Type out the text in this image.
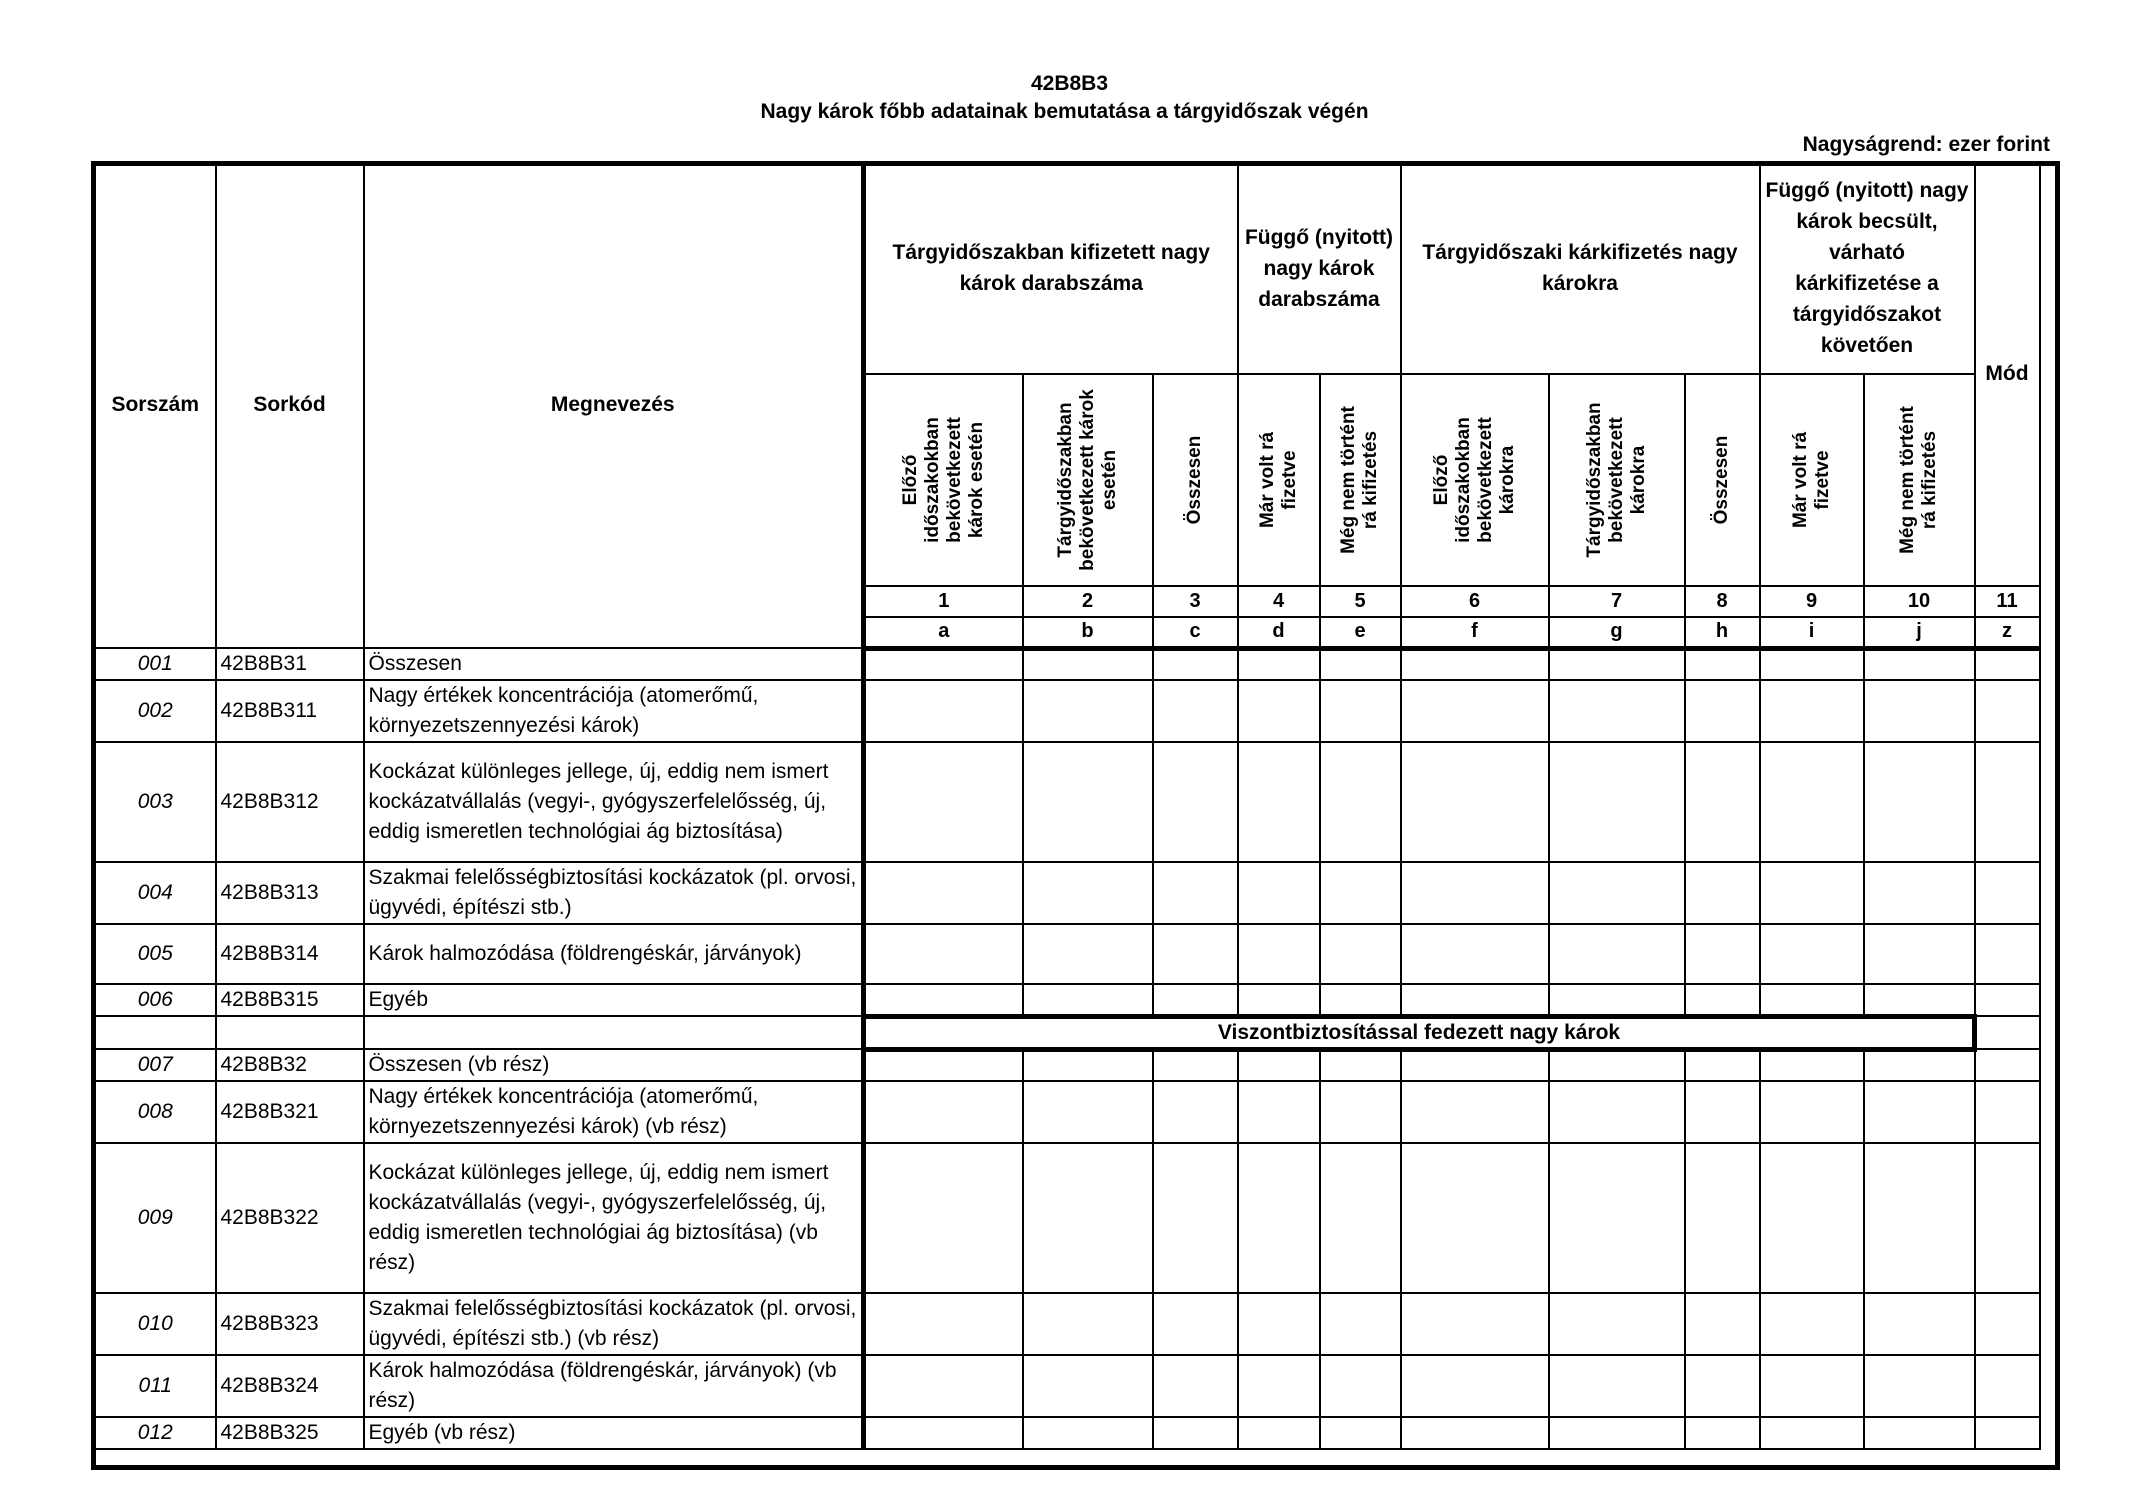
42B8B3
Nagy károk főbb adatainak bemutatása a tárgyidőszak végén
Nagyságrend: ezer forint
Sorszám	Sorkód	Megnevezés	Tárgyidőszakban kifizetett nagy károk darabszáma			Függő (nyitott) nagy károk darabszáma		Tárgyidőszaki kárkifizetés nagy károkra			Függő (nyitott) nagy károk becsült, várható kárkifizetése a tárgyidőszakot követően		Mód

			Előző időszakokban bekövetkezett károk esetén	Tárgyidőszakban bekövetkezett károk esetén	Összesen	Már volt rá fizetve	Még nem történt rá kifizetés	Előző időszakokban bekövetkezett károkra	Tárgyidőszakban bekövetkezett károkra	Összesen	Már volt rá fizetve	Még nem történt rá kifizetés	

			1	2	3	4	5	6	7	8	9	10	11
			a	b	c	d	e	f	g	h	i	j	z
001	42B8B31	Összesen											
002	42B8B311	Nagy értékek koncentrációja (atomerőmű, környezetszennyezési károk)											
003	42B8B312	Kockázat különleges jellege, új, eddig nem ismert kockázatvállalás (vegyi-, gyógyszerfelelősség, új, eddig ismeretlen technológiai ág biztosítása)											
004	42B8B313	Szakmai felelősségbiztosítási kockázatok (pl. orvosi, ügyvédi, építészi stb.)											
005	42B8B314	Károk halmozódása (földrengéskár, járványok)											
006	42B8B315	Egyéb											
			Viszontbiztosítással fedezett nagy károk										
007	42B8B32	Összesen (vb rész)											
008	42B8B321	Nagy értékek koncentrációja (atomerőmű, környezetszennyezési károk) (vb rész)											
009	42B8B322	Kockázat különleges jellege, új, eddig nem ismert kockázatvállalás (vegyi-, gyógyszerfelelősség, új, eddig ismeretlen technológiai ág biztosítása) (vb rész)											
010	42B8B323	Szakmai felelősségbiztosítási kockázatok (pl. orvosi, ügyvédi, építészi stb.) (vb rész)											
011	42B8B324	Károk halmozódása (földrengéskár, járványok) (vb rész)											
012	42B8B325	Egyéb (vb rész)											
